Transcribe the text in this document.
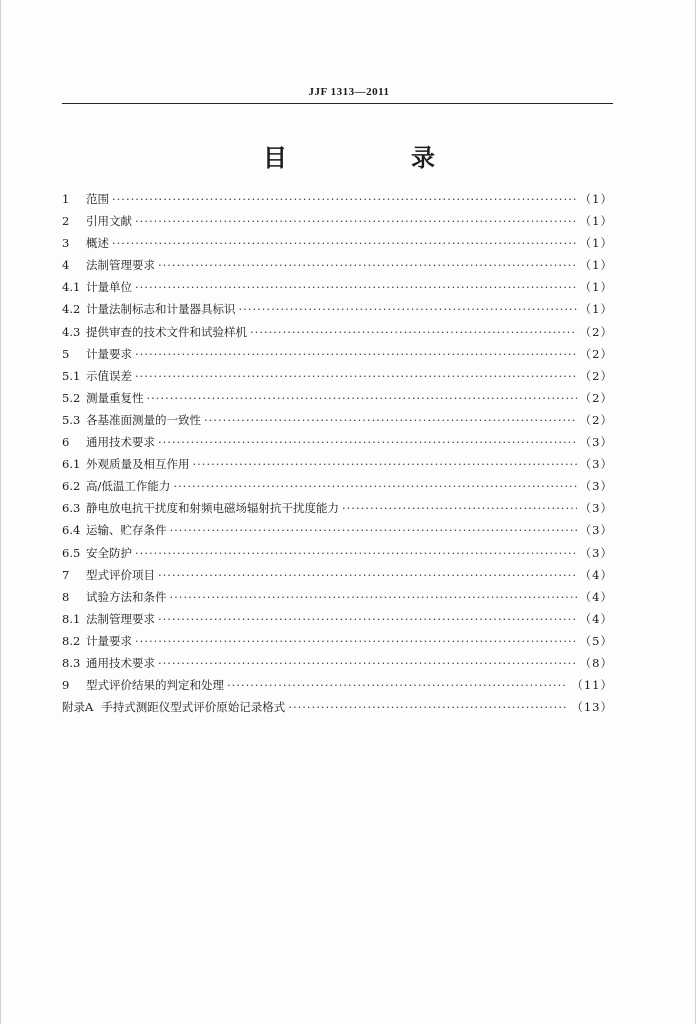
JJF 1313—2011
目　录
1	范围 ·····	（1）
2	引用文献 ·····	（1）
3	概述 ·····	（1）
4	法制管理要求 ·····	（1）
4.1 计量单位 ·····	（1）
4.2 计量法制标志和计量器具标识 ·····	（1）
4.3 提供审查的技术文件和试验样机 ·····	（2）
5	计量要求 ·····	（2）
5.1 示值误差 ·····	（2）
5.2 测量重复性 ·····	（2）
5.3 各基准面测量的一致性 ·····	（2）
6	通用技术要求 ·····	（3）
6.1 外观质量及相互作用 ·····	（3）
6.2 高/低温工作能力 ·····	（3）
6.3 静电放电抗干扰度和射频电磁场辐射抗干扰度能力 ·····	（3）
6.4 运输、贮存条件 ·····	（3）
6.5 安全防护 ·····	（3）
7	型式评价项目 ·····	（4）
8	试验方法和条件 ·····	（4）
8.1 法制管理要求 ·····	（4）
8.2 计量要求 ·····	（5）
8.3 通用技术要求 ·····	（8）
9	型式评价结果的判定和处理 ·····	（11）
附录A 手持式测距仪型式评价原始记录格式 ·····	（13）
